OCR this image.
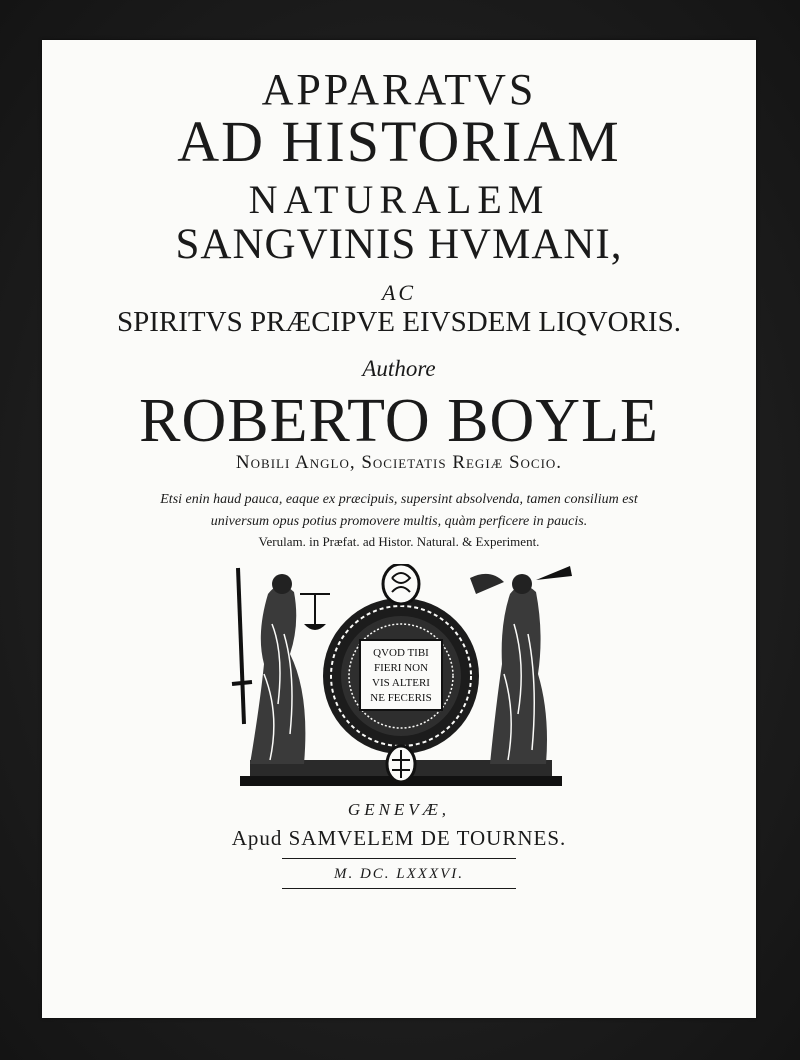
APPARATVS
AD HISTORIAM
NATURALEM
SANGVINIS HVMANI,
AC
SPIRITVS PRÆCIPVE EIVSDEM LIQVORIS.
Authore
ROBERTO BOYLE
Nobili Anglo, Societatis Regiæ Socio.
Etsi enin haud pauca, eaque ex præcipuis, supersint absolvenda, tamen consilium est
universum opus potius promovere multis, quàm perficere in paucis.
Verulam. in Præfat. ad Histor. Natural. & Experiment.
QVOD TIBI
FIERI NON
VIS ALTERI
NE FECERIS
GENEVÆ,
Apud SAMVELEM DE TOURNES.
M. DC. LXXXVI.
